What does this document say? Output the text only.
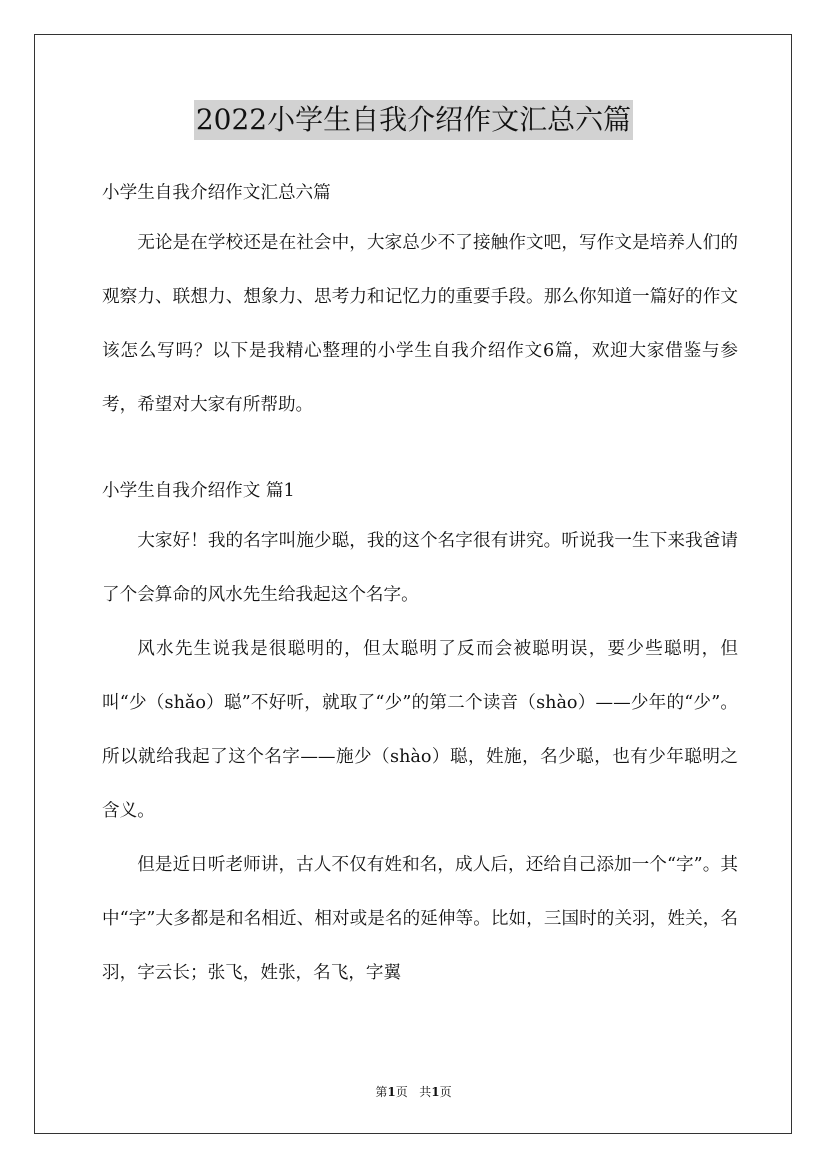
2022小学生自我介绍作文汇总六篇
小学生自我介绍作文汇总六篇

无论是在学校还是在社会中，大家总少不了接触作文吧，写作文是培养人们的观察力、联想力、想象力、思考力和记忆力的重要手段。那么你知道一篇好的作文该怎么写吗？以下是我精心整理的小学生自我介绍作文6篇，欢迎大家借鉴与参考，希望对大家有所帮助。

小学生自我介绍作文 篇1

大家好！我的名字叫施少聪，我的这个名字很有讲究。听说我一生下来我爸请了个会算命的风水先生给我起这个名字。

风水先生说我是很聪明的，但太聪明了反而会被聪明误，要少些聪明，但叫“少（shǎo）聪”不好听，就取了“少”的第二个读音（shào）——少年的“少”。所以就给我起了这个名字——施少（shào）聪，姓施，名少聪，也有少年聪明之含义。

但是近日听老师讲，古人不仅有姓和名，成人后，还给自己添加一个“字”。其中“字”大多都是和名相近、相对或是名的延伸等。比如，三国时的关羽，姓关，名羽，字云长；张飞，姓张，名飞，字翼

第1页 共1页
